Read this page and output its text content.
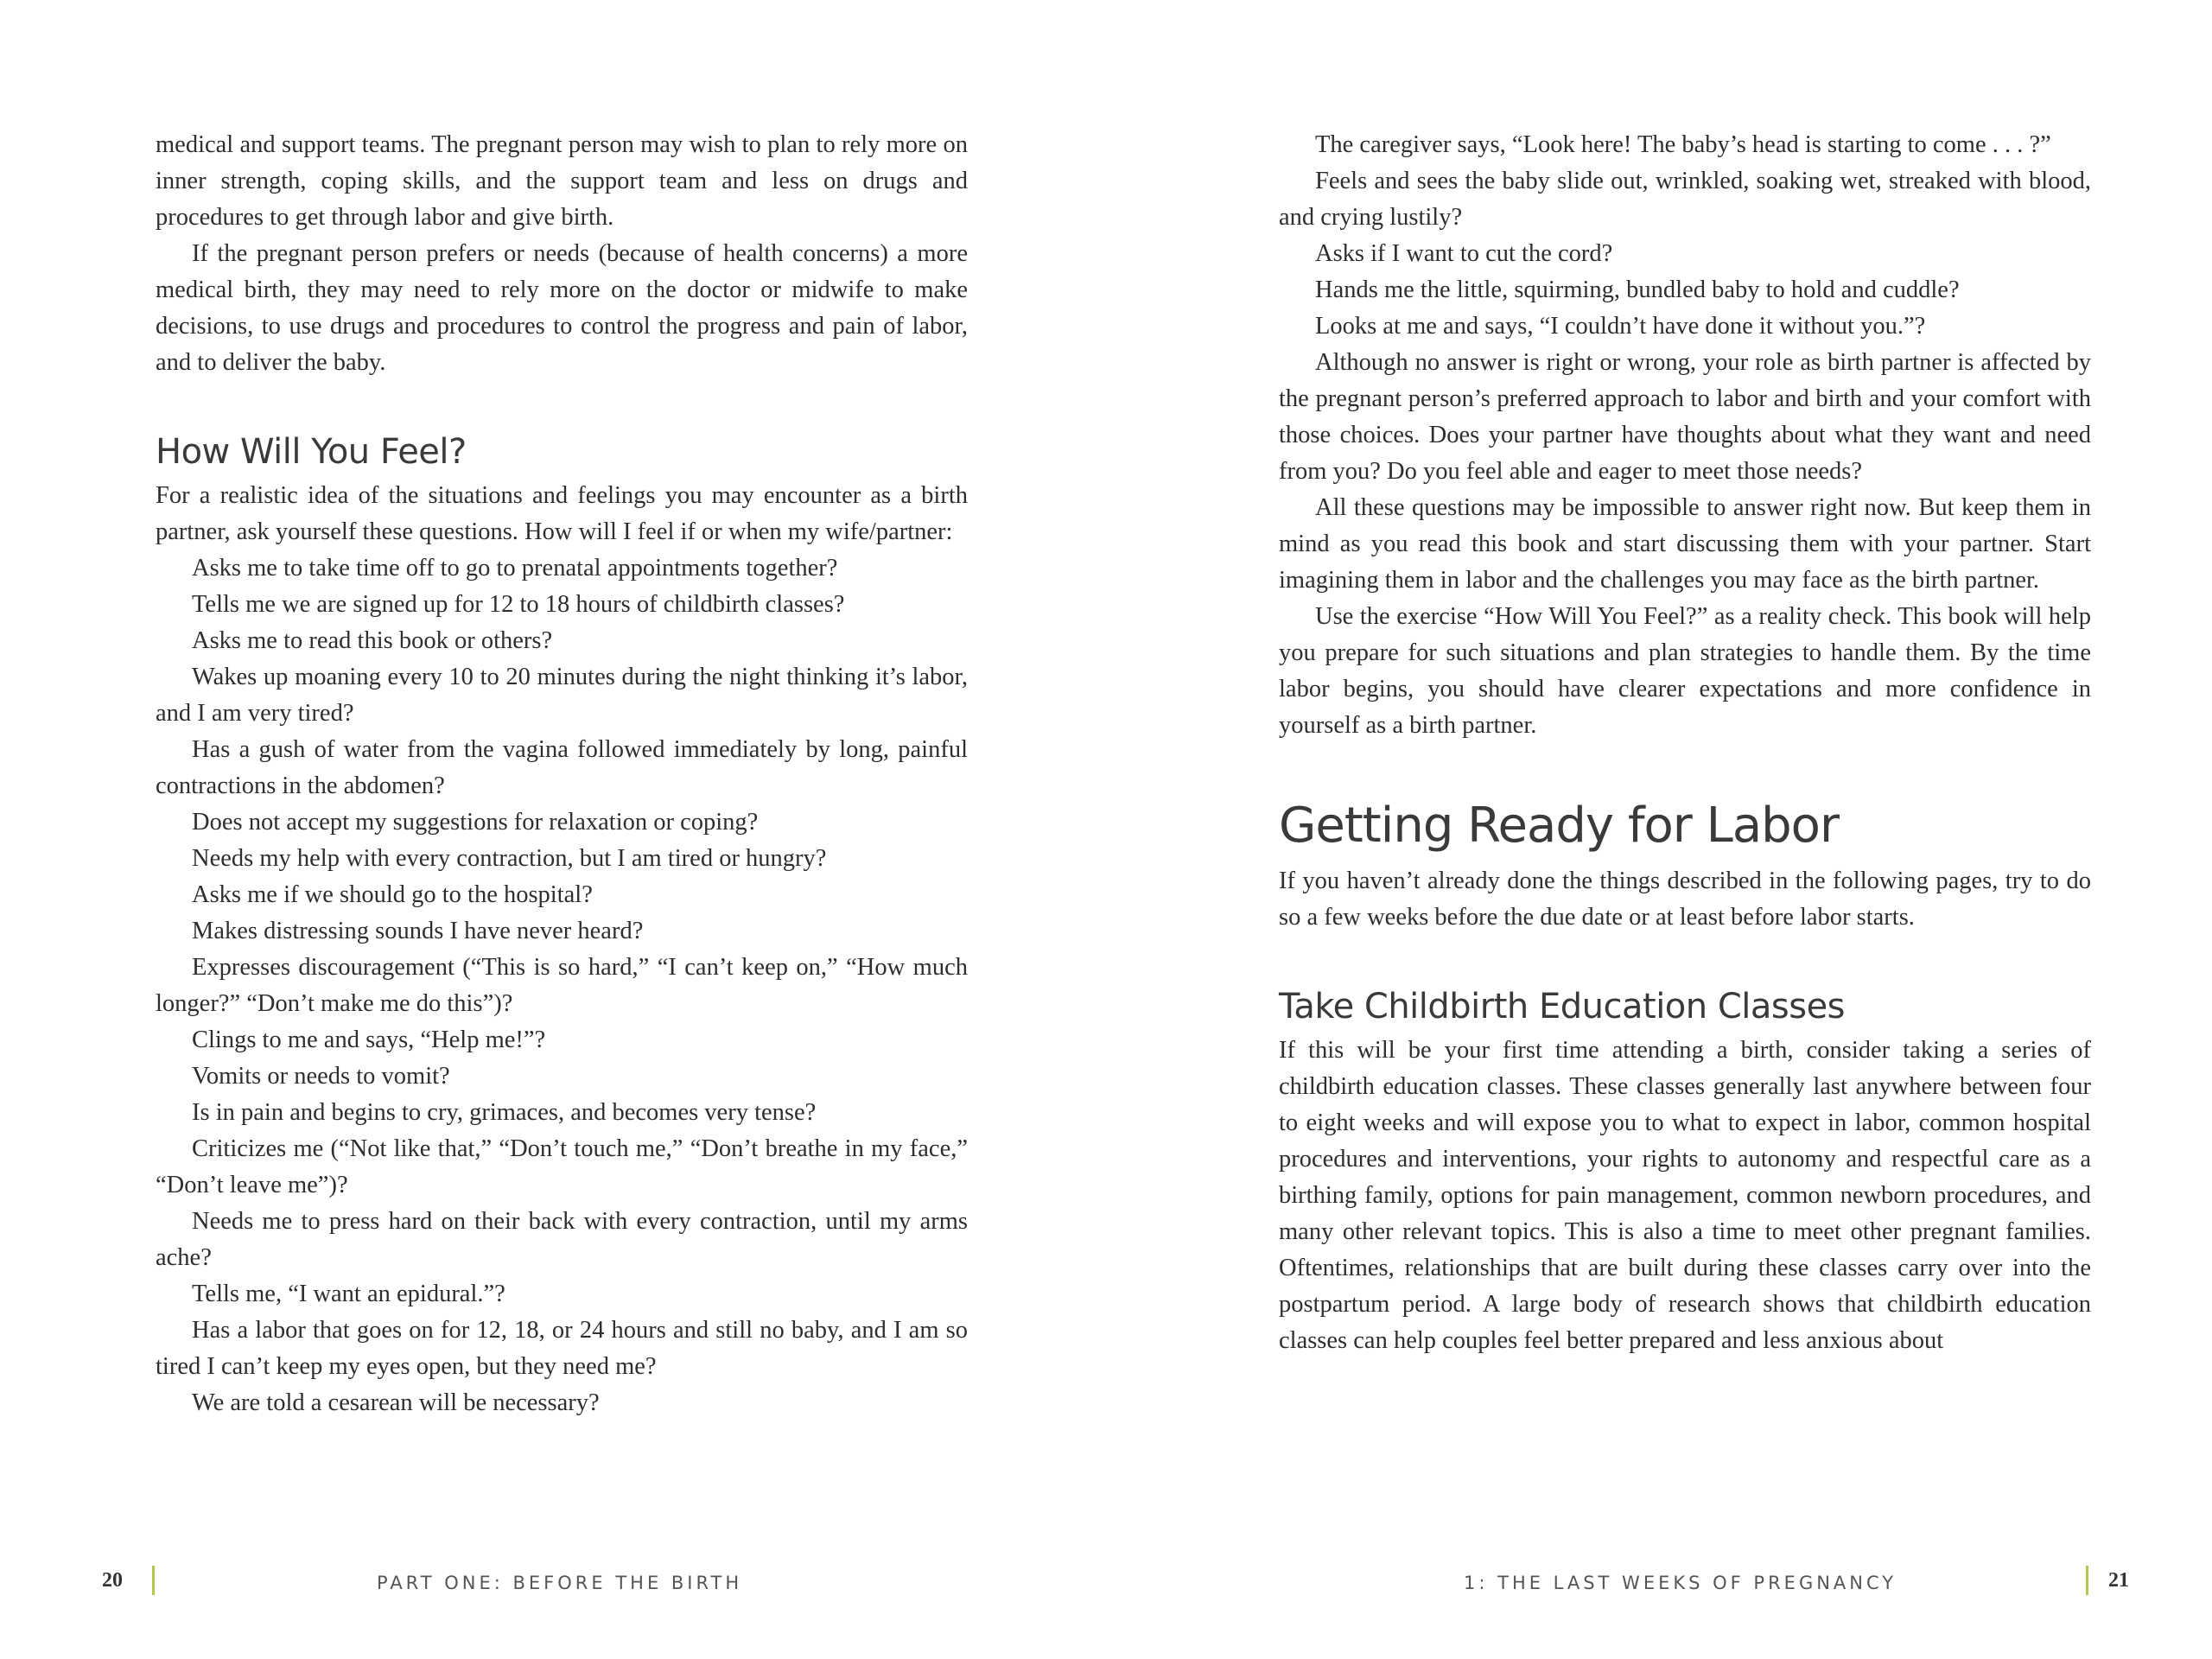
medical and support teams. The pregnant person may wish to plan to rely more on inner strength, coping skills, and the support team and less on drugs and procedures to get through labor and give birth.

If the pregnant person prefers or needs (because of health concerns) a more medical birth, they may need to rely more on the doctor or midwife to make decisions, to use drugs and procedures to control the progress and pain of labor, and to deliver the baby.

How Will You Feel?

For a realistic idea of the situations and feelings you may encounter as a birth partner, ask yourself these questions. How will I feel if or when my wife/partner:

Asks me to take time off to go to prenatal appointments together?

Tells me we are signed up for 12 to 18 hours of childbirth classes?

Asks me to read this book or others?

Wakes up moaning every 10 to 20 minutes during the night thinking it’s labor, and I am very tired?

Has a gush of water from the vagina followed immediately by long, painful contractions in the abdomen?

Does not accept my suggestions for relaxation or coping?

Needs my help with every contraction, but I am tired or hungry?

Asks me if we should go to the hospital?

Makes distressing sounds I have never heard?

Expresses discouragement (“This is so hard,” “I can’t keep on,” “How much longer?” “Don’t make me do this”)?

Clings to me and says, “Help me!”?

Vomits or needs to vomit?

Is in pain and begins to cry, grimaces, and becomes very tense?

Criticizes me (“Not like that,” “Don’t touch me,” “Don’t breathe in my face,” “Don’t leave me”)?

Needs me to press hard on their back with every contraction, until my arms ache?

Tells me, “I want an epidural.”?

Has a labor that goes on for 12, 18, or 24 hours and still no baby, and I am so tired I can’t keep my eyes open, but they need me?

We are told a cesarean will be necessary?

The caregiver says, “Look here! The baby’s head is starting to come . . . ?”

Feels and sees the baby slide out, wrinkled, soaking wet, streaked with blood, and crying lustily?

Asks if I want to cut the cord?

Hands me the little, squirming, bundled baby to hold and cuddle?

Looks at me and says, “I couldn’t have done it without you.”?

Although no answer is right or wrong, your role as birth partner is affected by the pregnant person’s preferred approach to labor and birth and your comfort with those choices. Does your partner have thoughts about what they want and need from you? Do you feel able and eager to meet those needs?

All these questions may be impossible to answer right now. But keep them in mind as you read this book and start discussing them with your partner. Start imagining them in labor and the challenges you may face as the birth partner.

Use the exercise “How Will You Feel?” as a reality check. This book will help you prepare for such situations and plan strategies to handle them. By the time labor begins, you should have clearer expectations and more confidence in yourself as a birth partner.

Getting Ready for Labor

If you haven’t already done the things described in the following pages, try to do so a few weeks before the due date or at least before labor starts.

Take Childbirth Education Classes

If this will be your first time attending a birth, consider taking a series of childbirth education classes. These classes generally last anywhere between four to eight weeks and will expose you to what to expect in labor, common hospital procedures and interventions, your rights to autonomy and respectful care as a birthing family, options for pain management, common newborn procedures, and many other relevant topics. This is also a time to meet other pregnant families. Oftentimes, relationships that are built during these classes carry over into the postpartum period. A large body of research shows that childbirth education classes can help couples feel better prepared and less anxious about

20	PART ONE: BEFORE THE BIRTH	1: THE LAST WEEKS OF PREGNANCY	21
